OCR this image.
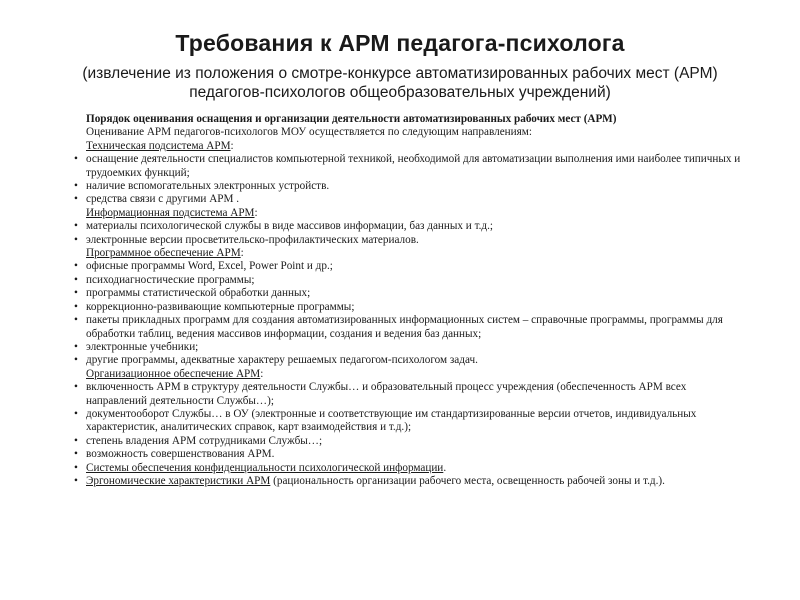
Требования к АРМ педагога-психолога
(извлечение из положения о смотре-конкурсе автоматизированных рабочих мест (АРМ)
педагогов-психологов общеобразовательных учреждений)
Порядок оценивания оснащения и организации деятельности автоматизированных рабочих мест (АРМ)
Оценивание АРМ педагогов-психологов МОУ осуществляется по следующим направлениям:
Техническая подсистема АРМ:
• оснащение деятельности специалистов компьютерной техникой, необходимой для автоматизации выполнения ими наиболее типичных и трудоемких функций;
• наличие вспомогательных электронных устройств.
• средства связи с другими АРМ .
Информационная подсистема АРМ:
• материалы психологической службы в виде массивов информации, баз данных и т.д.;
• электронные версии просветительско-профилактических материалов.
Программное обеспечение АРМ:
• офисные программы Word, Excel, Power Point и др.;
• психодиагностические программы;
• программы статистической обработки данных;
• коррекционно-развивающие компьютерные программы;
• пакеты прикладных программ для создания автоматизированных информационных систем – справочные программы, программы для обработки таблиц, ведения массивов информации, создания и ведения баз данных;
• электронные учебники;
• другие программы, адекватные характеру решаемых педагогом-психологом задач.
Организационное обеспечение АРМ:
• включенность АРМ в структуру деятельности Службы… и образовательный процесс учреждения (обеспеченность АРМ всех направлений деятельности Службы…);
• документооборот Службы… в ОУ (электронные и соответствующие им стандартизированные версии отчетов, индивидуальных характеристик, аналитических справок, карт взаимодействия и т.д.);
• степень владения АРМ сотрудниками Службы…;
• возможность совершенствования АРМ.
• Системы обеспечения конфиденциальности психологической информации.
• Эргономические характеристики АРМ (рациональность организации рабочего места, освещенность рабочей зоны и т.д.).
